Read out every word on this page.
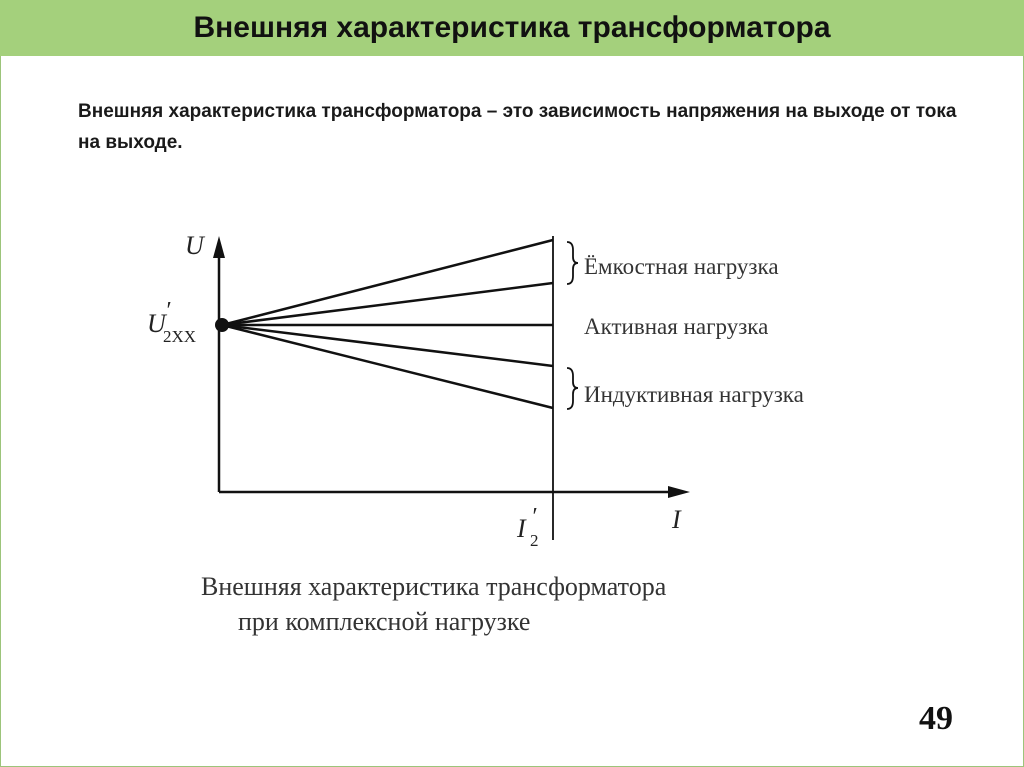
Внешняя характеристика трансформатора
Внешняя характеристика трансформатора – это зависимость напряжения на выходе от тока на выходе.
U
I
U ′
2XX
I ′
2
Ёмкостная нагрузка
Активная нагрузка
Индуктивная нагрузка
Внешняя характеристика трансформатора
при комплексной нагрузке
49
